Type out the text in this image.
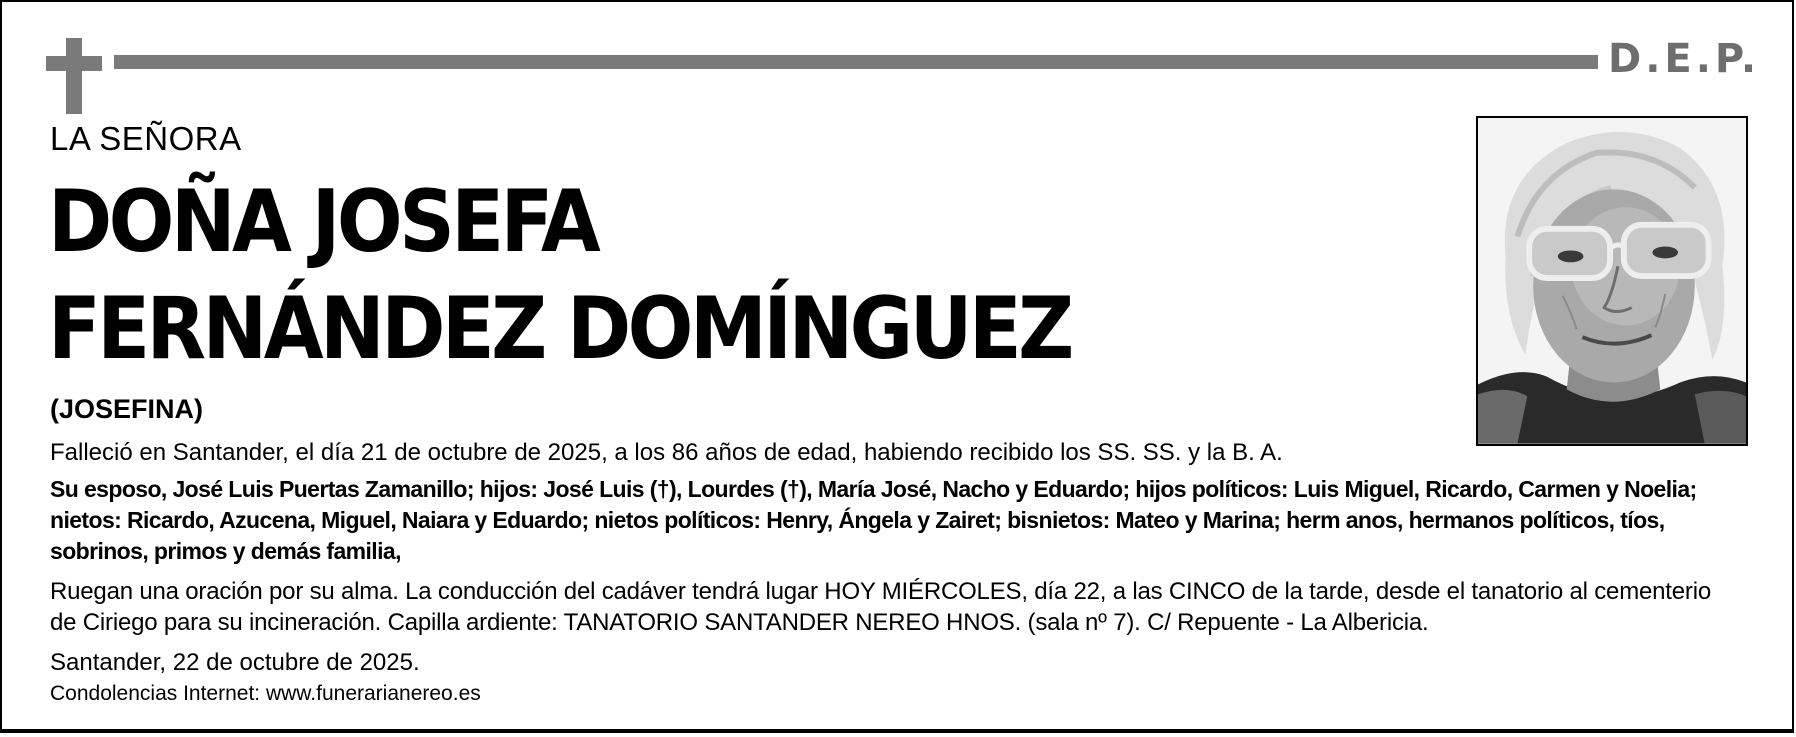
D.E.P.
LA SEÑORA
DOÑA JOSEFA
FERNÁNDEZ DOMÍNGUEZ
(JOSEFINA)
Falleció en Santander, el día 21 de octubre de 2025, a los 86 años de edad, habiendo recibido los SS. SS. y la B. A.
Su esposo, José Luis Puertas Zamanillo; hijos: José Luis (†), Lourdes (†), María José, Nacho y Eduardo; hijos políticos: Luis Miguel, Ricardo, Carmen y Noelia;
nietos: Ricardo, Azucena, Miguel, Naiara y Eduardo; nietos políticos: Henry, Ángela y Zairet; bisnietos: Mateo y Marina; herm anos, hermanos políticos, tíos,
sobrinos, primos y demás familia,
Ruegan una oración por su alma. La conducción del cadáver tendrá lugar HOY MIÉRCOLES, día 22, a las CINCO de la tarde, desde el tanatorio al cementerio
de Ciriego para su incineración. Capilla ardiente: TANATORIO SANTANDER NEREO HNOS. (sala nº 7). C/ Repuente - La Albericia.
Santander, 22 de octubre de 2025.
Condolencias Internet: www.funerarianereo.es
